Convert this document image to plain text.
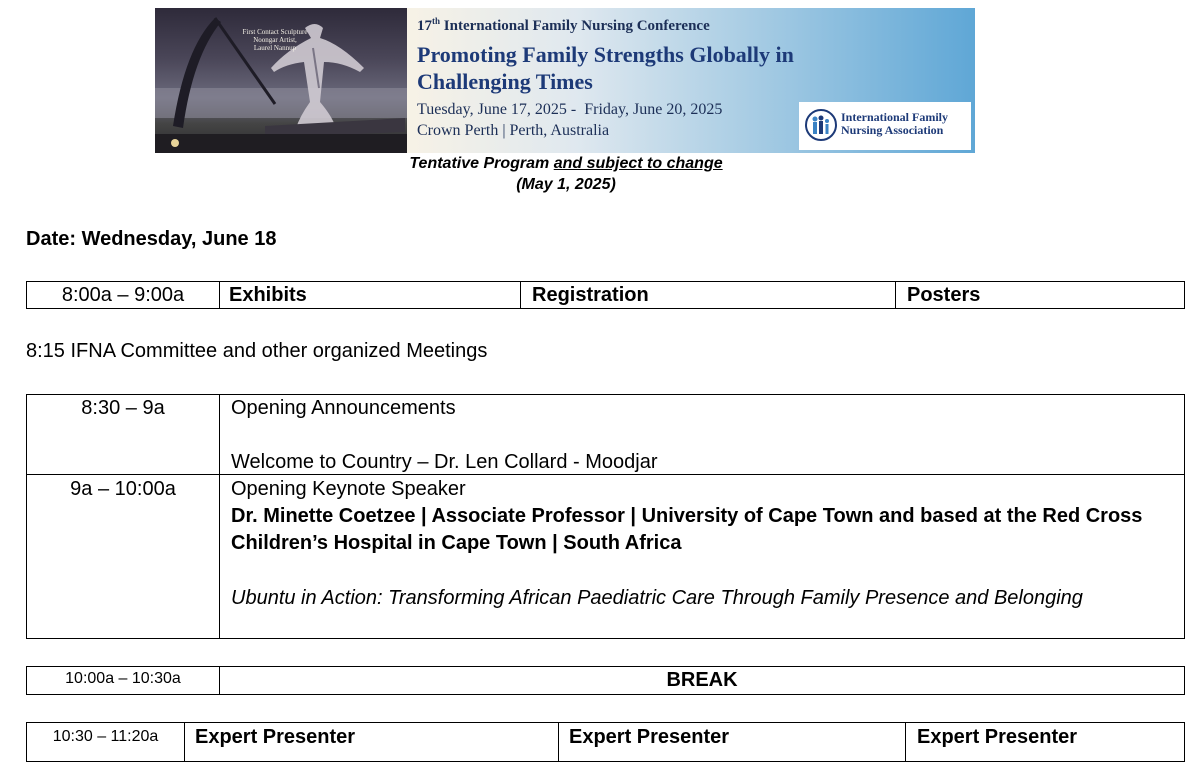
First Contact Sculpture
Noongar Artist,
Laurel Nannup
17th International Family Nursing Conference
Promoting Family Strengths Globally in Challenging Times
Tuesday, June 17, 2025 -  Friday, June 20, 2025
Crown Perth | Perth, Australia
International Family Nursing Association
Tentative Program and subject to change
(May 1, 2025)
Date: Wednesday, June 18
8:00a – 9:00a	Exhibits	Registration	Posters
8:15 IFNA Committee and other organized Meetings
8:30 – 9a	Opening Announcements
Welcome to Country – Dr. Len Collard - Moodjar
9a – 10:00a	Opening Keynote Speaker
Dr. Minette Coetzee | Associate Professor | University of Cape Town and based at the Red Cross Children’s Hospital in Cape Town | South Africa
Ubuntu in Action: Transforming African Paediatric Care Through Family Presence and Belonging
10:00a – 10:30a	BREAK
10:30 – 11:20a	Expert Presenter	Expert Presenter	Expert Presenter
